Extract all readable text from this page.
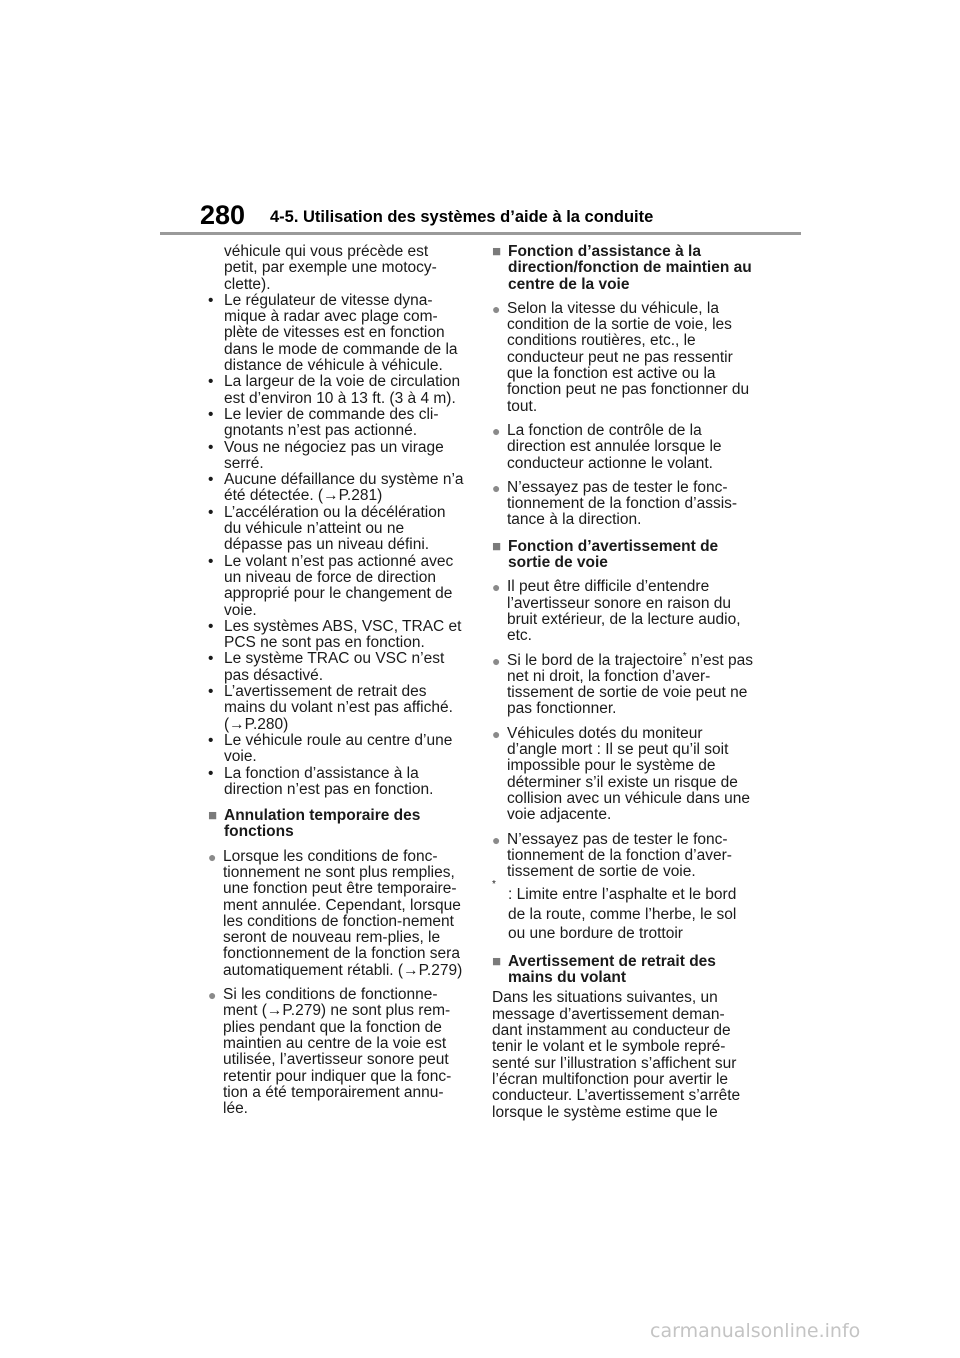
280 4-5. Utilisation des systèmes d’aide à la conduite
véhicule qui vous précède est petit, par exemple une motocy-clette).
• Le régulateur de vitesse dyna-mique à radar avec plage com-plète de vitesses est en fonction dans le mode de commande de la distance de véhicule à véhicule.
• La largeur de la voie de circulation est d’environ 10 à 13 ft. (3 à 4 m).
• Le levier de commande des cli-gnotants n’est pas actionné.
• Vous ne négociez pas un virage serré.
• Aucune défaillance du système n’a été détectée. (→P.281)
• L’accélération ou la décélération du véhicule n’atteint ou ne dépasse pas un niveau défini.
• Le volant n’est pas actionné avec un niveau de force de direction approprié pour le changement de voie.
• Les systèmes ABS, VSC, TRAC et PCS ne sont pas en fonction.
• Le système TRAC ou VSC n’est pas désactivé.
• L’avertissement de retrait des mains du volant n’est pas affiché. (→P.280)
• Le véhicule roule au centre d’une voie.
• La fonction d’assistance à la direction n’est pas en fonction.
■ Annulation temporaire des fonctions
● Lorsque les conditions de fonc-tionnement ne sont plus remplies, une fonction peut être temporaire-ment annulée. Cependant, lorsque les conditions de fonction-nement seront de nouveau rem-plies, le fonctionnement de la fonction sera automatiquement rétabli. (→P.279)
● Si les conditions de fonctionne-ment (→P.279) ne sont plus rem-plies pendant que la fonction de maintien au centre de la voie est utilisée, l’avertisseur sonore peut retentir pour indiquer que la fonc-tion a été temporairement annu-lée.
■ Fonction d’assistance à la direction/fonction de maintien au centre de la voie
● Selon la vitesse du véhicule, la condition de la sortie de voie, les conditions routières, etc., le conducteur peut ne pas ressentir que la fonction est active ou la fonction peut ne pas fonctionner du tout.
● La fonction de contrôle de la direction est annulée lorsque le conducteur actionne le volant.
● N’essayez pas de tester le fonc-tionnement de la fonction d’assis-tance à la direction.
■ Fonction d’avertissement de sortie de voie
● Il peut être difficile d’entendre l’avertisseur sonore en raison du bruit extérieur, de la lecture audio, etc.
● Si le bord de la trajectoire* n’est pas net ni droit, la fonction d’aver-tissement de sortie de voie peut ne pas fonctionner.
● Véhicules dotés du moniteur d’angle mort : Il se peut qu’il soit impossible pour le système de déterminer s’il existe un risque de collision avec un véhicule dans une voie adjacente.
● N’essayez pas de tester le fonc-tionnement de la fonction d’aver-tissement de sortie de voie.
*
: Limite entre l’asphalte et le bord de la route, comme l’herbe, le sol ou une bordure de trottoir
■ Avertissement de retrait des mains du volant
Dans les situations suivantes, un message d’avertissement deman-dant instamment au conducteur de tenir le volant et le symbole repré-senté sur l’illustration s’affichent sur l’écran multifonction pour avertir le conducteur. L’avertissement s’arrête lorsque le système estime que le
carmanualsonline.info
